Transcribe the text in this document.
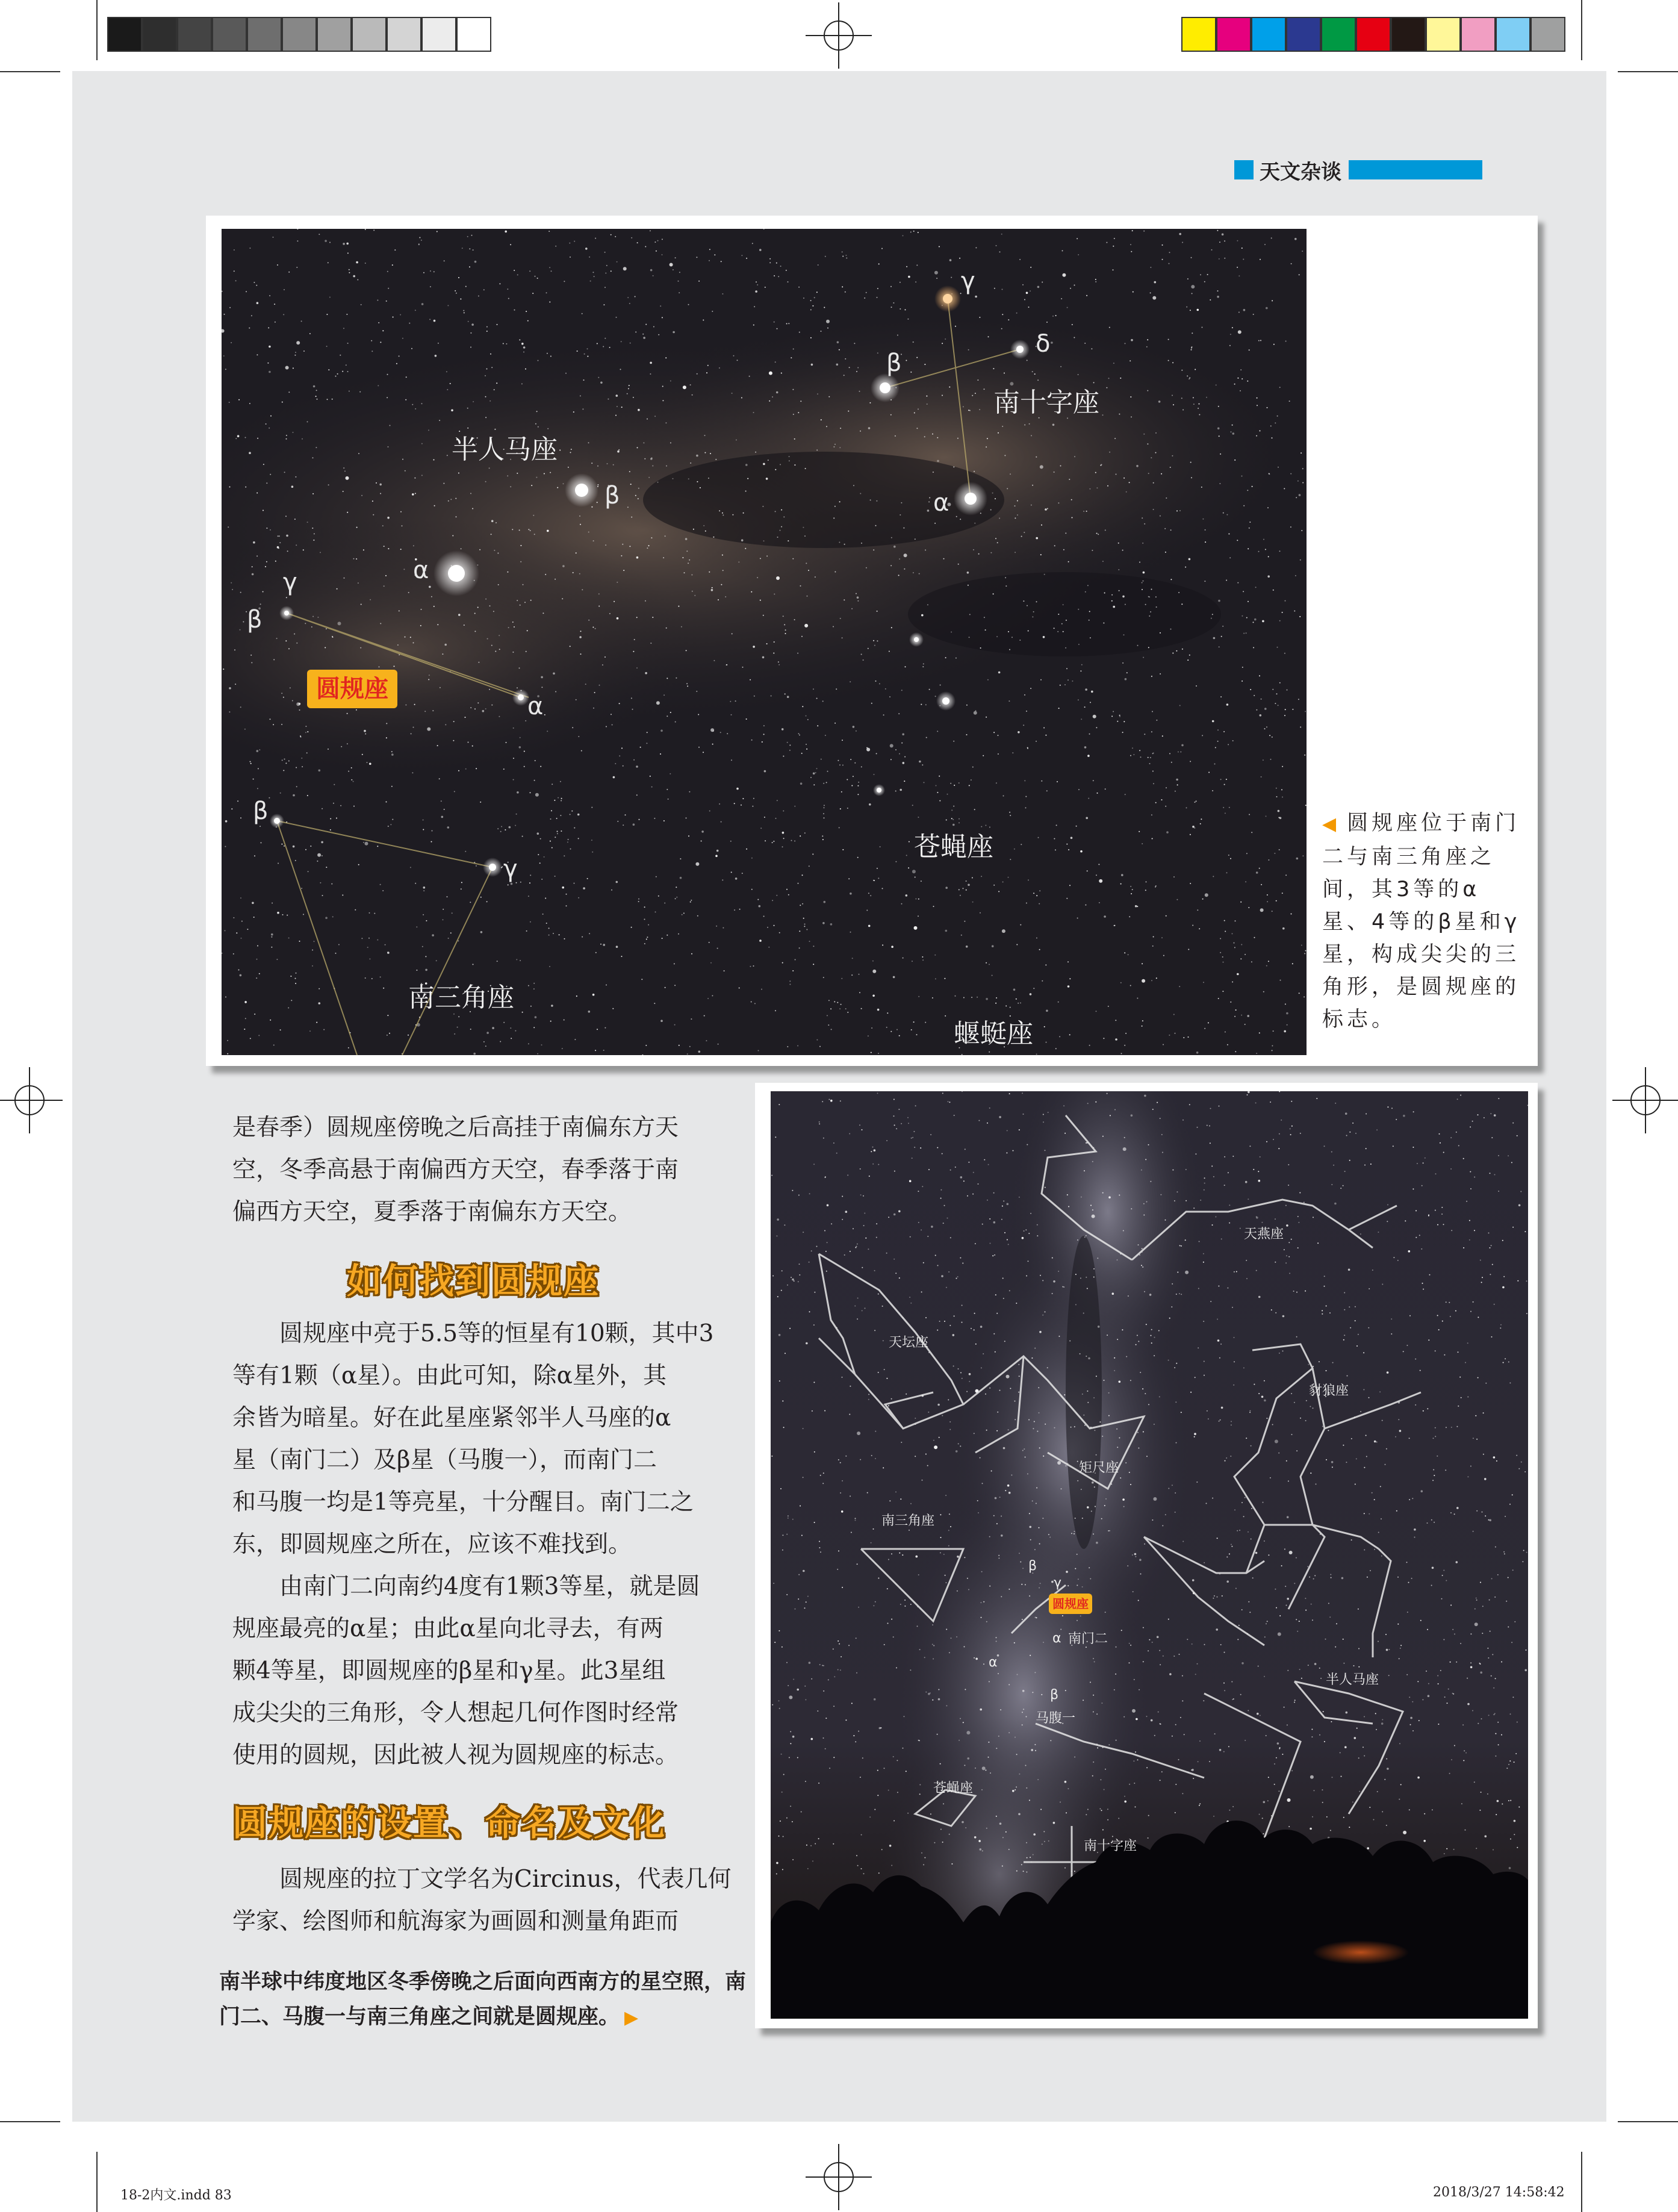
天文杂谈
半人马座
南十字座
苍蝇座
南三角座
蝘蜓座
圆规座
γ
δ
β
α
β
α
γ
β
α
β
γ
◀ 圆规座位于南门二与南三角座之间，其3等的α星、4等的β星和γ星，构成尖尖的三角形，是圆规座的标志。

是春季）圆规座傍晚之后高挂于南偏东方天

空，冬季高悬于南偏西方天空，春季落于南

偏西方天空，夏季落于南偏东方天空。

如何找到圆规座

　　圆规座中亮于5.5等的恒星有10颗，其中3

等有1颗（α星）。由此可知，除α星外，其

余皆为暗星。好在此星座紧邻半人马座的α

星（南门二）及β星（马腹一），而南门二

和马腹一均是1等亮星，十分醒目。南门二之

东，即圆规座之所在，应该不难找到。

　　由南门二向南约4度有1颗3等星，就是圆

规座最亮的α星；由此α星向北寻去，有两

颗4等星，即圆规座的β星和γ星。此3星组

成尖尖的三角形，令人想起几何作图时经常

使用的圆规，因此被人视为圆规座的标志。

圆规座的设置、命名及文化

　　圆规座的拉丁文学名为Circinus，代表几何

学家、绘图师和航海家为画圆和测量角距而

天燕座
天坛座
豺狼座
矩尺座
南三角座
圆规座
β
γ
α
α 南门二
β
马腹一
半人马座
苍蝇座
南十字座
南半球中纬度地区冬季傍晚之后面向西南方的星空照，南门二、马腹一与南三角座之间就是圆规座。 ▶
18-2内文.indd 83	2018/3/27 14:58:42
